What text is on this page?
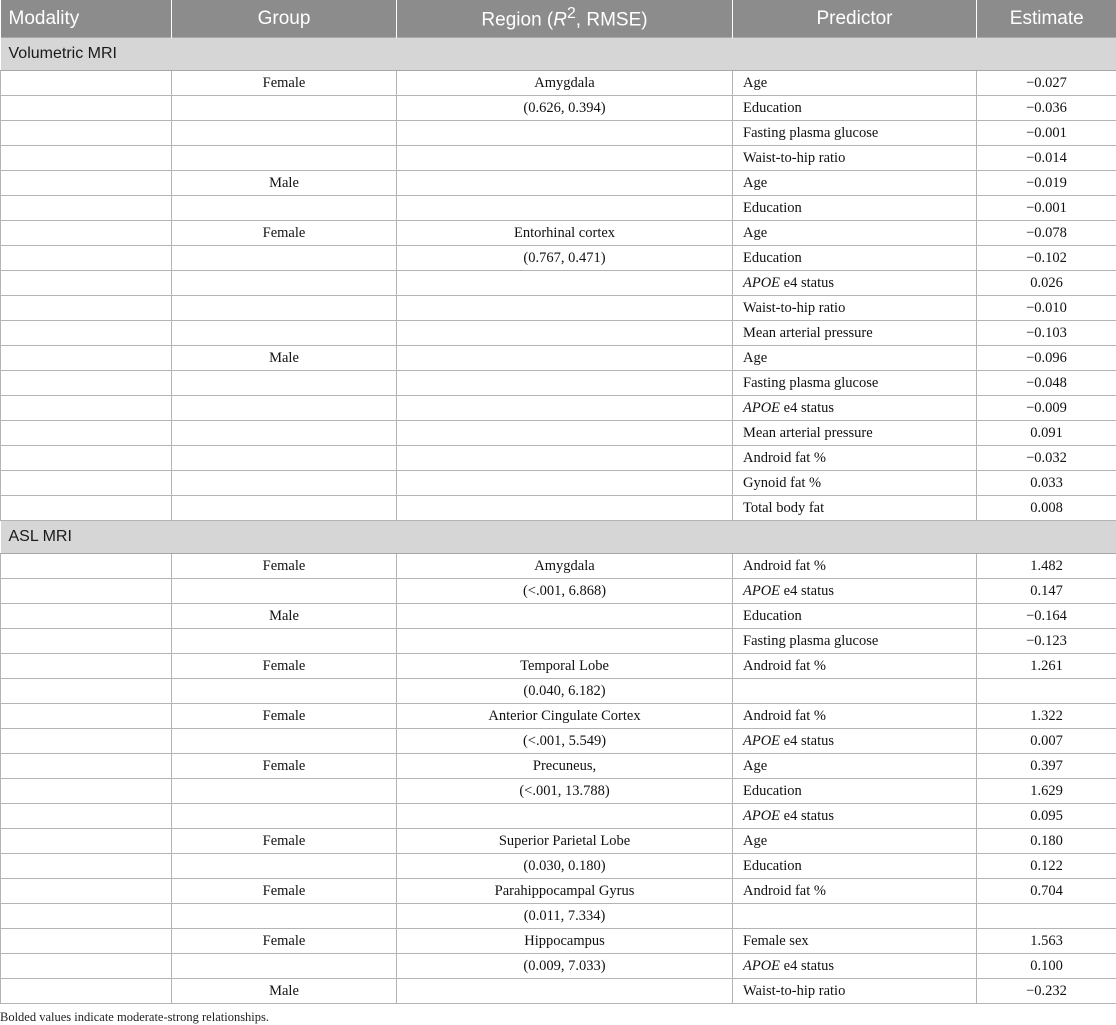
Modality	Group	Region ($R^2$, RMSE)	Predictor	Estimate
Volumetric MRI				
	Female	Amygdala	Age	−0.027
		(0.626, 0.394)	Education	−0.036
			Fasting plasma glucose	−0.001
			Waist-to-hip ratio	−0.014
	Male		Age	−0.019
			Education	−0.001
	Female	Entorhinal cortex	Age	−0.078
		(0.767, 0.471)	Education	−0.102
			APOE e4 status	0.026
			Waist-to-hip ratio	−0.010
			Mean arterial pressure	−0.103
	Male		Age	−0.096
			Fasting plasma glucose	−0.048
			APOE e4 status	−0.009
			Mean arterial pressure	0.091
			Android fat %	−0.032
			Gynoid fat %	0.033
			Total body fat	0.008
ASL MRI				
	Female	Amygdala	Android fat %	1.482
		(<.001, 6.868)	APOE e4 status	0.147
	Male		Education	−0.164
			Fasting plasma glucose	−0.123
	Female	Temporal Lobe	Android fat %	1.261
		(0.040, 6.182)		
	Female	Anterior Cingulate Cortex	Android fat %	1.322
		(<.001, 5.549)	APOE e4 status	0.007
	Female	Precuneus,	Age	0.397
		(<.001, 13.788)	Education	1.629
			APOE e4 status	0.095
	Female	Superior Parietal Lobe	Age	0.180
		(0.030, 0.180)	Education	0.122
	Female	Parahippocampal Gyrus	Android fat %	0.704
		(0.011, 7.334)		
	Female	Hippocampus	Female sex	1.563
		(0.009, 7.033)	APOE e4 status	0.100
	Male		Waist-to-hip ratio	−0.232
Bolded values indicate moderate-strong relationships.
